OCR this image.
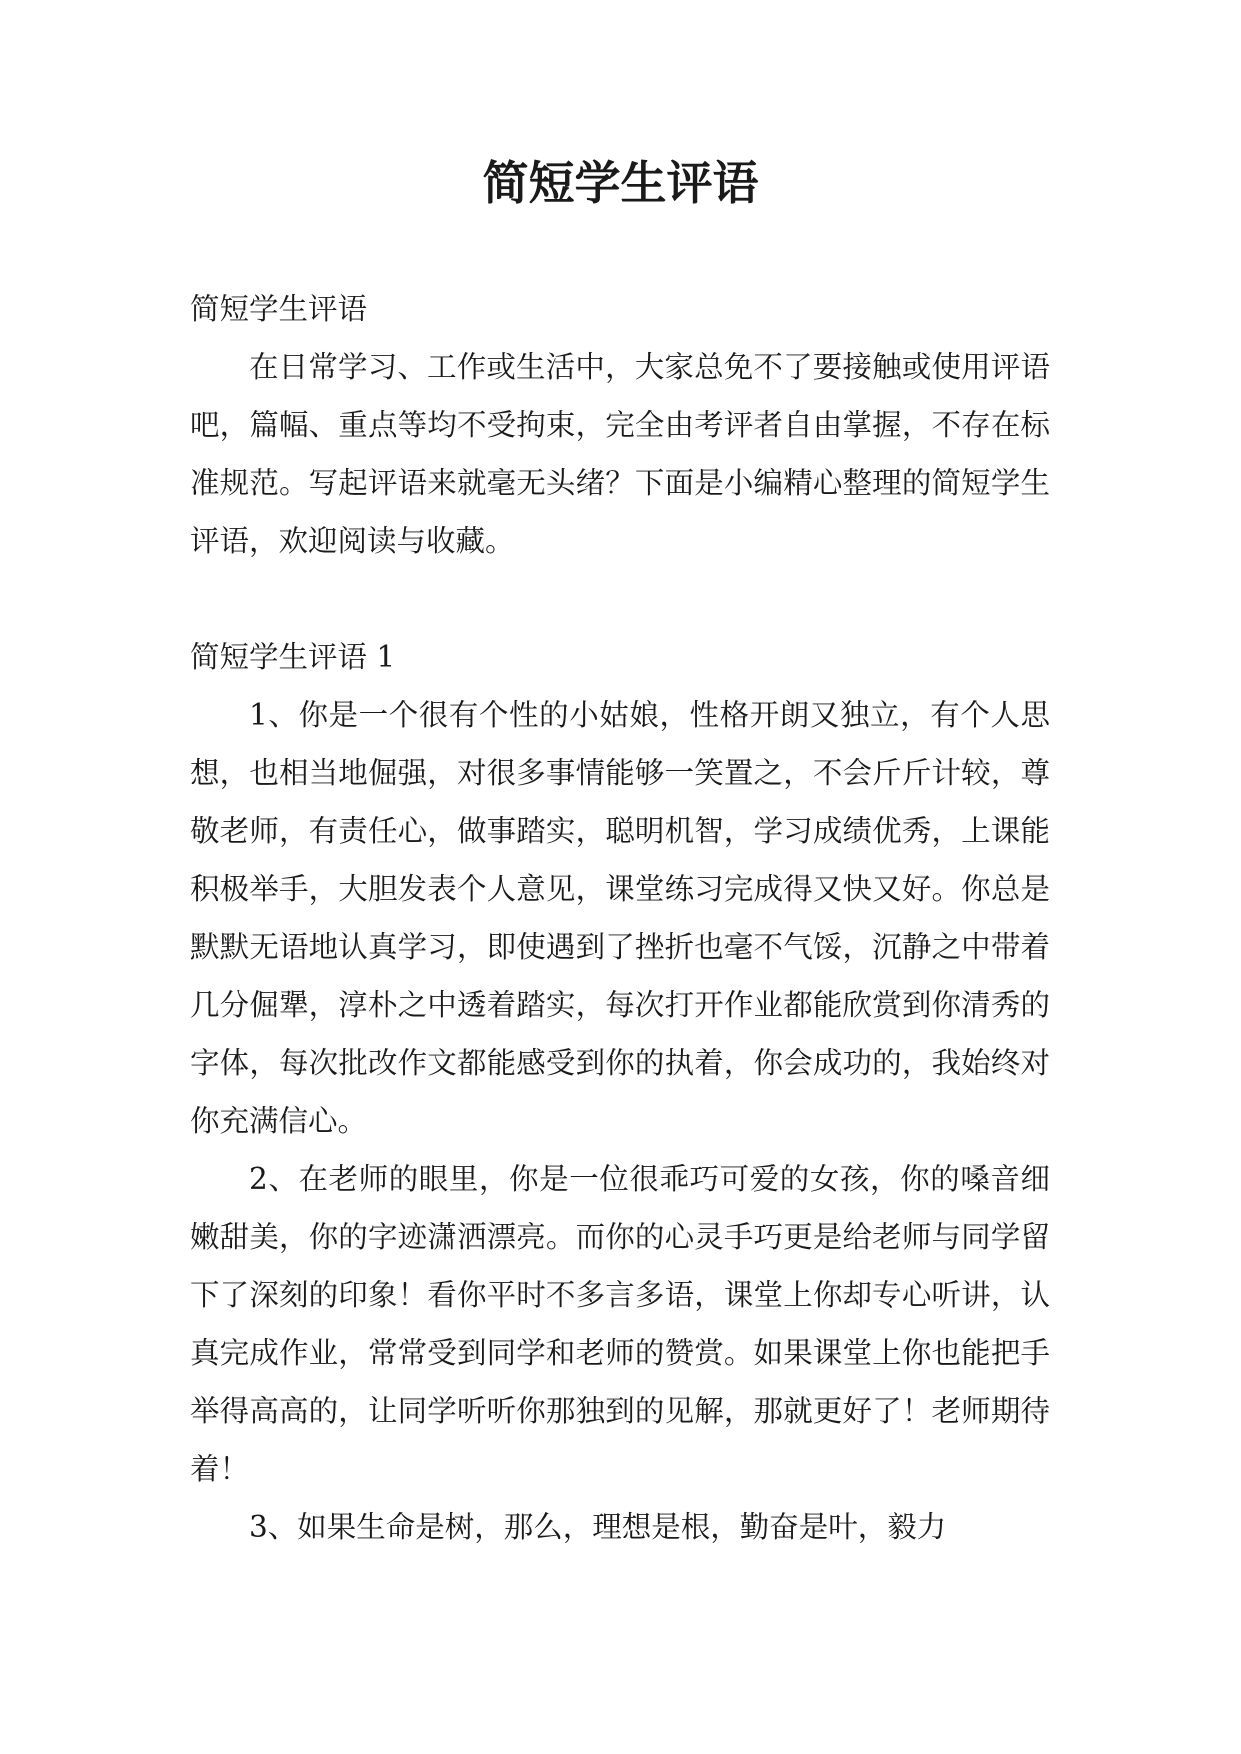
简短学生评语

简短学生评语

在日常学习、工作或生活中，大家总免不了要接触或使用评语吧，篇幅、重点等均不受拘束，完全由考评者自由掌握，不存在标准规范。写起评语来就毫无头绪？下面是小编精心整理的简短学生评语，欢迎阅读与收藏。

简短学生评语 1

1、你是一个很有个性的小姑娘，性格开朗又独立，有个人思想，也相当地倔强，对很多事情能够一笑置之，不会斤斤计较，尊敬老师，有责任心，做事踏实，聪明机智，学习成绩优秀，上课能积极举手，大胆发表个人意见，课堂练习完成得又快又好。你总是默默无语地认真学习，即使遇到了挫折也毫不气馁，沉静之中带着几分倔犟，淳朴之中透着踏实，每次打开作业都能欣赏到你清秀的字体，每次批改作文都能感受到你的执着，你会成功的，我始终对你充满信心。

2、在老师的眼里，你是一位很乖巧可爱的女孩，你的嗓音细嫩甜美，你的字迹潇洒漂亮。而你的心灵手巧更是给老师与同学留下了深刻的印象！看你平时不多言多语，课堂上你却专心听讲，认真完成作业，常常受到同学和老师的赞赏。如果课堂上你也能把手举得高高的，让同学听听你那独到的见解，那就更好了！老师期待着！

3、如果生命是树，那么，理想是根，勤奋是叶，毅力
